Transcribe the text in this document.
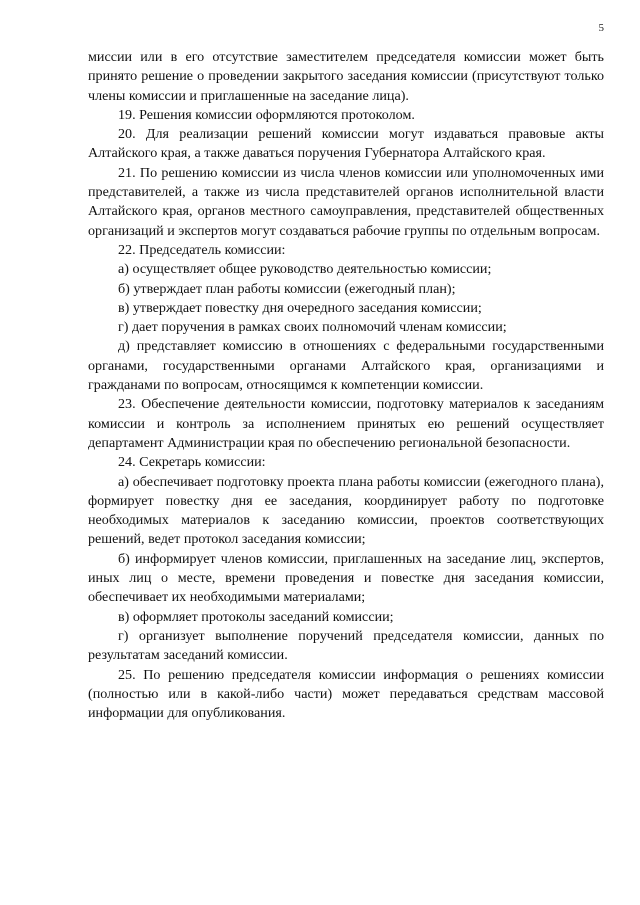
5

миссии или в его отсутствие заместителем председателя комиссии может быть принято решение о проведении закрытого заседания комиссии (присутствуют только члены комиссии и приглашенные на заседание лица).

19. Решения комиссии оформляются протоколом.

20. Для реализации решений комиссии могут издаваться правовые акты Алтайского края, а также даваться поручения Губернатора Алтайского края.

21. По решению комиссии из числа членов комиссии или уполномоченных ими представителей, а также из числа представителей органов исполнительной власти Алтайского края, органов местного самоуправления, представителей общественных организаций и экспертов могут создаваться рабочие группы по отдельным вопросам.

22. Председатель комиссии:

а) осуществляет общее руководство деятельностью комиссии;

б) утверждает план работы комиссии (ежегодный план);

в) утверждает повестку дня очередного заседания комиссии;

г) дает поручения в рамках своих полномочий членам комиссии;

д) представляет комиссию в отношениях с федеральными государственными органами, государственными органами Алтайского края, организациями и гражданами по вопросам, относящимся к компетенции комиссии.

23. Обеспечение деятельности комиссии, подготовку материалов к заседаниям комиссии и контроль за исполнением принятых ею решений осуществляет департамент Администрации края по обеспечению региональной безопасности.

24. Секретарь комиссии:

а) обеспечивает подготовку проекта плана работы комиссии (ежегодного плана), формирует повестку дня ее заседания, координирует работу по подготовке необходимых материалов к заседанию комиссии, проектов соответствующих решений, ведет протокол заседания комиссии;

б) информирует членов комиссии, приглашенных на заседание лиц, экспертов, иных лиц о месте, времени проведения и повестке дня заседания комиссии, обеспечивает их необходимыми материалами;

в) оформляет протоколы заседаний комиссии;

г) организует выполнение поручений председателя комиссии, данных по результатам заседаний комиссии.

25. По решению председателя комиссии информация о решениях комиссии (полностью или в какой-либо части) может передаваться средствам массовой информации для опубликования.
